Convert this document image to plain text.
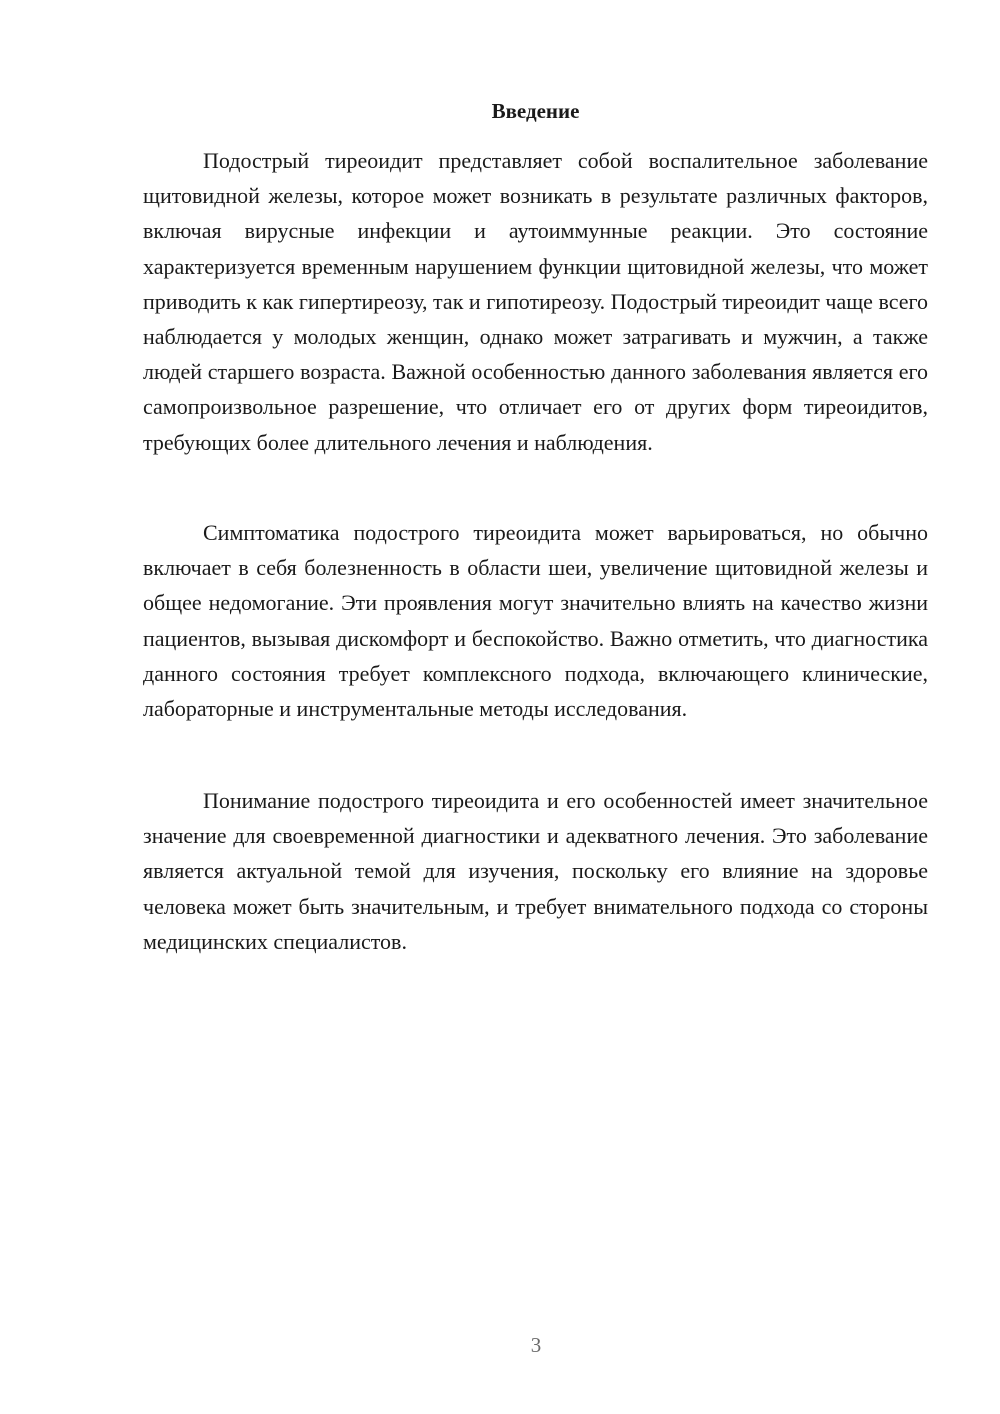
Введение

Подострый тиреоидит представляет собой воспалительное заболевание щитовидной железы, которое может возникать в результате различных факторов, включая вирусные инфекции и аутоиммунные реакции. Это состояние характеризуется временным нарушением функции щитовидной железы, что может приводить к как гипертиреозу, так и гипотиреозу. Подострый тиреоидит чаще всего наблюдается у молодых женщин, однако может затрагивать и мужчин, а также людей старшего возраста. Важной особенностью данного заболевания является его самопроизвольное разрешение, что отличает его от других форм тиреоидитов, требующих более длительного лечения и наблюдения.

Симптоматика подострого тиреоидита может варьироваться, но обычно включает в себя болезненность в области шеи, увеличение щитовидной железы и общее недомогание. Эти проявления могут значительно влиять на качество жизни пациентов, вызывая дискомфорт и беспокойство. Важно отметить, что диагностика данного состояния требует комплексного подхода, включающего клинические, лабораторные и инструментальные методы исследования.

Понимание подострого тиреоидита и его особенностей имеет значительное значение для своевременной диагностики и адекватного лечения. Это заболевание является актуальной темой для изучения, поскольку его влияние на здоровье человека может быть значительным, и требует внимательного подхода со стороны медицинских специалистов.

3
